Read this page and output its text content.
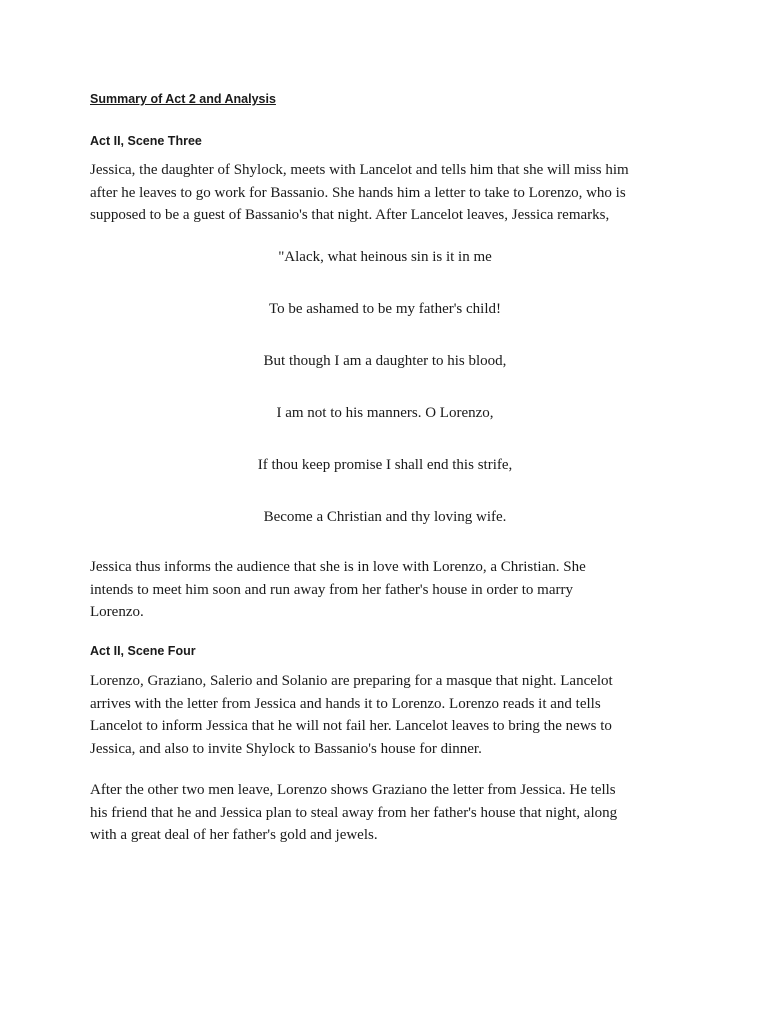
Summary of Act 2 and Analysis
Act II, Scene Three

Jessica, the daughter of Shylock, meets with Lancelot and tells him that she will miss him
after he leaves to go work for Bassanio. She hands him a letter to take to Lorenzo, who is
supposed to be a guest of Bassanio's that night. After Lancelot leaves, Jessica remarks,

"Alack, what heinous sin is it in me

To be ashamed to be my father's child!

But though I am a daughter to his blood,

I am not to his manners. O Lorenzo,

If thou keep promise I shall end this strife,

Become a Christian and thy loving wife.

Jessica thus informs the audience that she is in love with Lorenzo, a Christian. She
intends to meet him soon and run away from her father's house in order to marry
Lorenzo.

Act II, Scene Four

Lorenzo, Graziano, Salerio and Solanio are preparing for a masque that night. Lancelot
arrives with the letter from Jessica and hands it to Lorenzo. Lorenzo reads it and tells
Lancelot to inform Jessica that he will not fail her. Lancelot leaves to bring the news to
Jessica, and also to invite Shylock to Bassanio's house for dinner.

After the other two men leave, Lorenzo shows Graziano the letter from Jessica. He tells
his friend that he and Jessica plan to steal away from her father's house that night, along
with a great deal of her father's gold and jewels.
